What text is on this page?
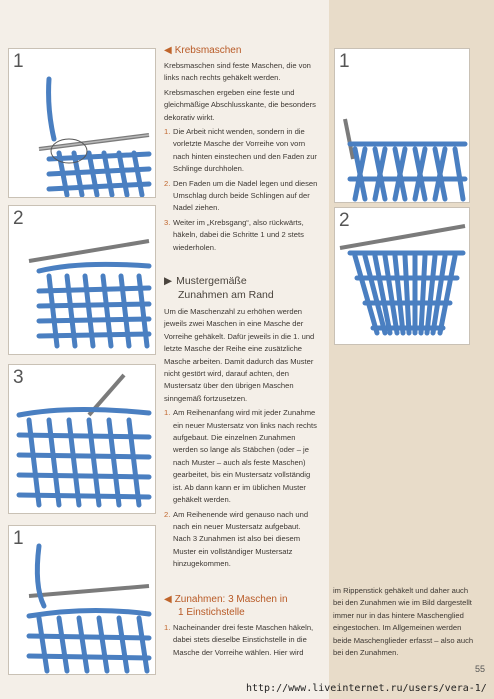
1
2
3
1
1
2
◀ Krebsmaschen

Krebsmaschen sind feste Maschen, die von links nach rechts gehäkelt werden.

Krebsmaschen ergeben eine feste und gleichmäßige Abschlusskante, die besonders dekorativ wirkt.

1. Die Arbeit nicht wenden, sondern in die vorletzte Masche der Vorreihe von vorn nach hinten einstechen und den Faden zur Schlinge durchholen.
2. Den Faden um die Nadel legen und diesen Umschlag durch beide Schlingen auf der Nadel ziehen.
3. Weiter im „Krebsgang“, also rückwärts, häkeln, dabei die Schritte 1 und 2 stets wiederholen.
▶ Mustergemäße
Zunahmen am Rand

Um die Maschenzahl zu erhöhen werden jeweils zwei Maschen in eine Masche der Vorreihe gehäkelt. Dafür jeweils in die 1. und letzte Masche der Reihe eine zusätzliche Masche arbeiten. Damit dadurch das Muster nicht gestört wird, darauf achten, den Mustersatz über den übrigen Maschen sinngemäß fortzusetzen.

1. Am Reihenanfang wird mit jeder Zunahme ein neuer Mustersatz von links nach rechts aufgebaut. Die einzelnen Zunahmen werden so lange als Stäbchen (oder – je nach Muster – auch als feste Maschen) gearbeitet, bis ein Mustersatz vollständig ist. Ab dann kann er im üblichen Muster gehäkelt werden.
2. Am Reihenende wird genauso nach und nach ein neuer Mustersatz aufgebaut. Nach 3 Zunahmen ist also bei diesem Muster ein vollständiger Mustersatz hinzugekommen.
◀ Zunahmen: 3 Maschen in
1 Einstichstelle
1. Nacheinander drei feste Maschen häkeln, dabei stets dieselbe Einstichstelle in die Masche der Vorreihe wählen. Hier wird
im Rippenstick gehäkelt und daher auch bei den Zunahmen wie im Bild dargestellt immer nur in das hintere Maschenglied eingestochen. Im Allgemeinen werden beide Maschenglieder erfasst – also auch bei den Zunahmen.
55
http://www.liveinternet.ru/users/vera-1/
